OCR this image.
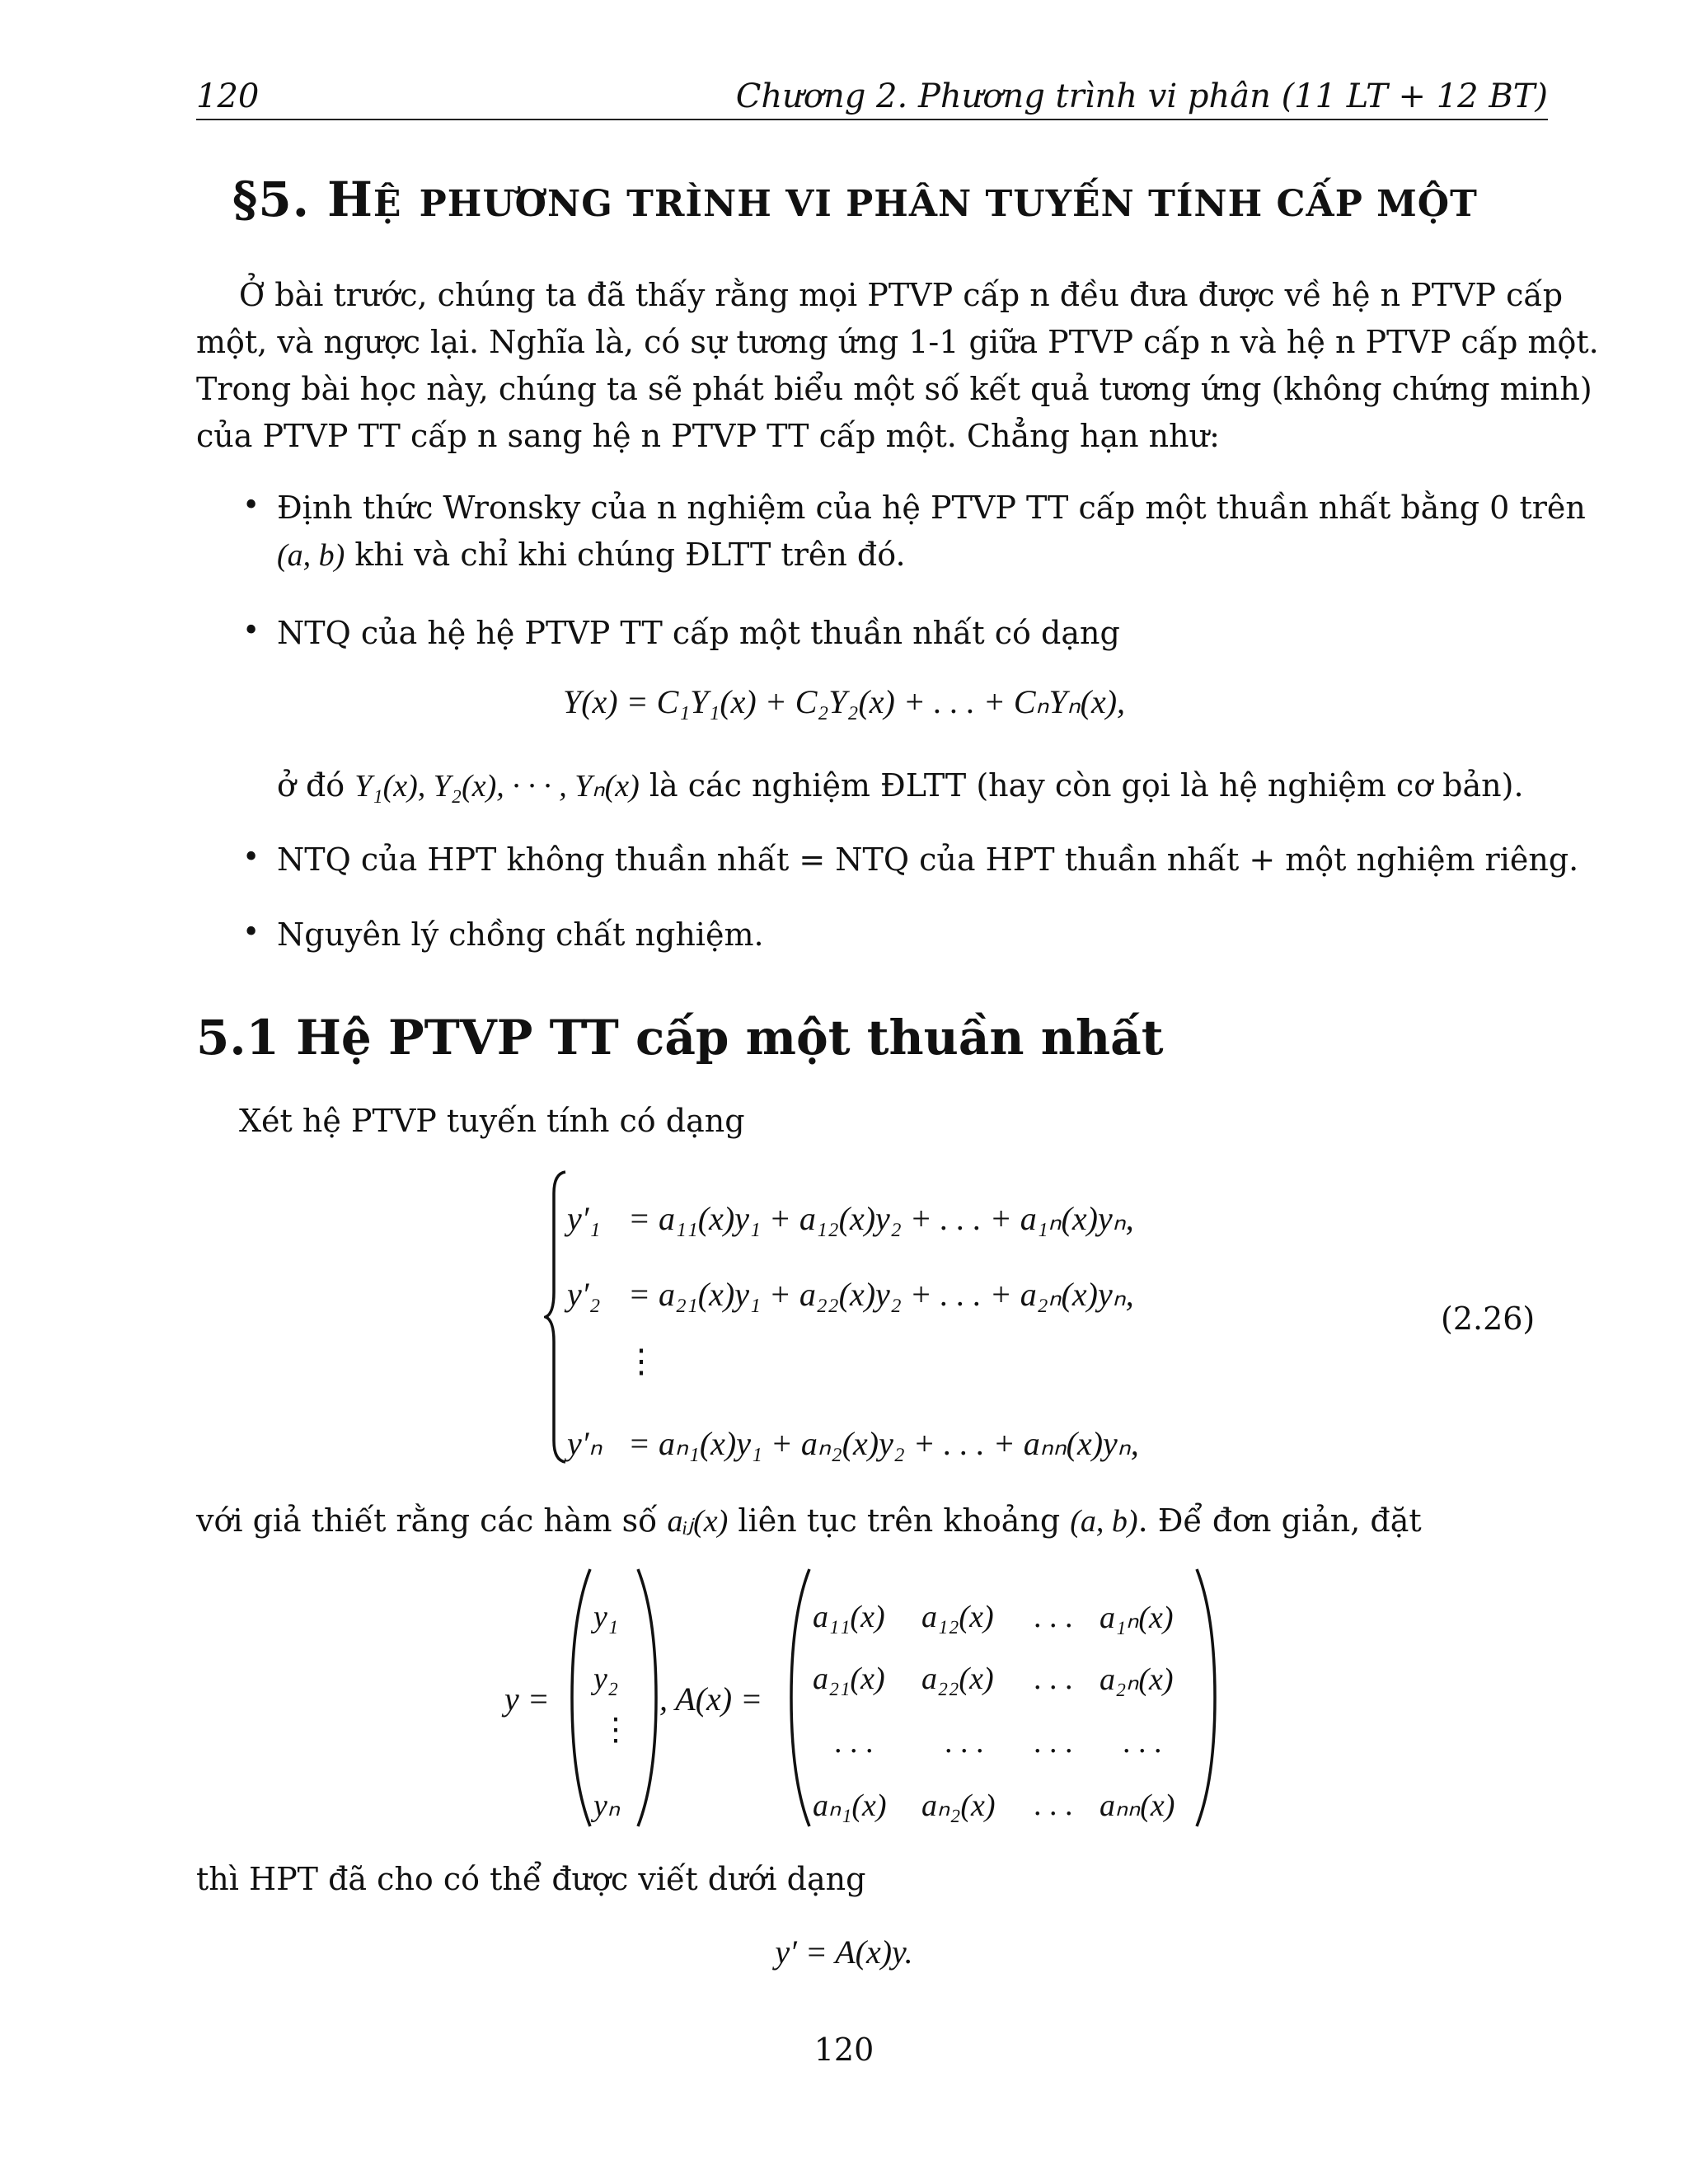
120	Chương 2. Phương trình vi phân (11 LT + 12 BT)
§5. HỆ PHƯƠNG TRÌNH VI PHÂN TUYẾN TÍNH CẤP MỘT
Ở bài trước, chúng ta đã thấy rằng mọi PTVP cấp n đều đưa được về hệ n PTVP cấp
một, và ngược lại. Nghĩa là, có sự tương ứng 1-1 giữa PTVP cấp n và hệ n PTVP cấp một.
Trong bài học này, chúng ta sẽ phát biểu một số kết quả tương ứng (không chứng minh)
của PTVP TT cấp n sang hệ n PTVP TT cấp một. Chẳng hạn như:
• Định thức Wronsky của n nghiệm của hệ PTVP TT cấp một thuần nhất bằng 0 trên
(a, b) khi và chỉ khi chúng ĐLTT trên đó.
• NTQ của hệ hệ PTVP TT cấp một thuần nhất có dạng
Y(x) = C₁Y₁(x) + C₂Y₂(x) + . . . + CₙYₙ(x),
ở đó Y₁(x), Y₂(x), · · · , Yₙ(x) là các nghiệm ĐLTT (hay còn gọi là hệ nghiệm cơ bản).
• NTQ của HPT không thuần nhất = NTQ của HPT thuần nhất + một nghiệm riêng.
• Nguyên lý chồng chất nghiệm.
5.1 Hệ PTVP TT cấp một thuần nhất
Xét hệ PTVP tuyến tính có dạng
y′₁ = a₁₁(x)y₁ + a₁₂(x)y₂ + . . . + a₁ₙ(x)yₙ,
y′₂ = a₂₁(x)y₁ + a₂₂(x)y₂ + . . . + a₂ₙ(x)yₙ,
⋮
y′ₙ = aₙ₁(x)y₁ + aₙ₂(x)y₂ + . . . + aₙₙ(x)yₙ,
(2.26)
với giả thiết rằng các hàm số aᵢⱼ(x) liên tục trên khoảng (a, b). Để đơn giản, đặt
y =
y₁
y₂
⋮
yₙ
, A(x) =
a₁₁(x) a₁₂(x) . . . a₁ₙ(x)
a₂₁(x) a₂₂(x) . . . a₂ₙ(x)
. . . . . . . . . . . .
aₙ₁(x) aₙ₂(x) . . . aₙₙ(x)
thì HPT đã cho có thể được viết dưới dạng
y′ = A(x)y.
120
